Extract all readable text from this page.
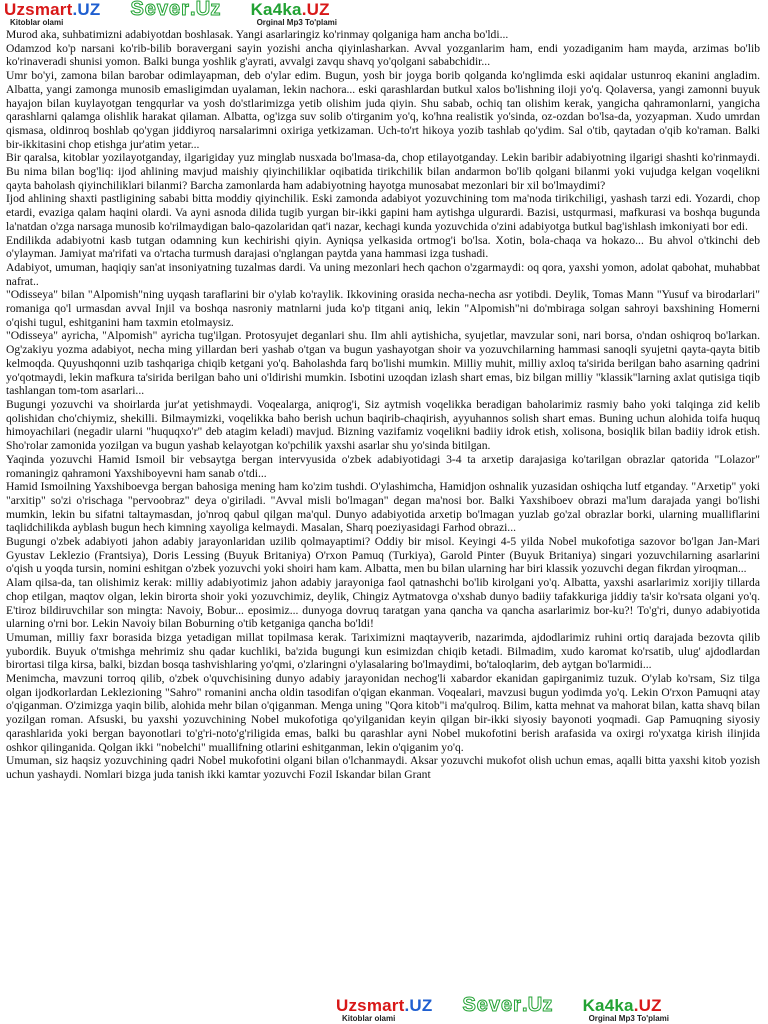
Uzsmart.UZ
Kitoblar olami
Sever.Uz Ka4ka.UZ
Orginal Mp3 To'plami

Murod aka, suhbatimizni adabiyotdan boshlasak. Yangi asarlaringiz ko'rinmay qolganiga ham ancha bo'ldi...

Odamzod ko'p narsani ko'rib-bilib boravergani sayin yozishi ancha qiyinlasharkan. Avval yozganlarim ham, endi yozadiganim ham mayda, arzimas bo'lib ko'rinaveradi shunisi yomon. Balki bunga yoshlik g'ayrati, avvalgi zavqu shavq yo'qolgani sababchidir...

Umr bo'yi, zamona bilan barobar odimlayapman, deb o'ylar edim. Bugun, yosh bir joyga borib qolganda ko'nglimda eski aqidalar ustunroq ekanini angladim. Albatta, yangi zamonga munosib emasligimdan uyalaman, lekin nachora... eski qarashlardan butkul xalos bo'lishning iloji yo'q. Qolaversa, yangi zamonni buyuk hayajon bilan kuylayotgan tengqurlar va yosh do'stlarimizga yetib olishim juda qiyin. Shu sabab, ochiq tan olishim kerak, yangicha qahramonlarni, yangicha qarashlarni qalamga olishlik harakat qilaman. Albatta, og'izga suv solib o'tirganim yo'q, ko'hna realistik yo'sinda, oz-ozdan bo'lsa-da, yozyapman. Xudo umrdan qismasa, oldinroq boshlab qo'ygan jiddiyroq narsalarimni oxiriga yetkizaman. Uch-to'rt hikoya yozib tashlab qo'ydim. Sal o'tib, qaytadan o'qib ko'raman. Balki bir-ikkitasini chop etishga jur'atim yetar...

Bir qaralsa, kitoblar yozilayotganday, ilgarigiday yuz minglab nusxada bo'lmasa-da, chop etilayotganday. Lekin baribir adabiyotning ilgarigi shashti ko'rinmaydi. Bu nima bilan bog'liq: ijod ahlining mavjud maishiy qiyinchiliklar oqibatida tirikchilik bilan andarmon bo'lib qolgani bilanmi yoki vujudga kelgan voqelikni qayta baholash qiyinchiliklari bilanmi? Barcha zamonlarda ham adabiyotning hayotga munosabat mezonlari bir xil bo'lmaydimi?

Ijod ahlining shaxti pastligining sababi bitta moddiy qiyinchilik. Eski zamonda adabiyot yozuvchining tom ma'noda tirikchiligi, yashash tarzi edi. Yozardi, chop etardi, evaziga qalam haqini olardi. Va ayni asnoda dilida tugib yurgan bir-ikki gapini ham aytishga ulgurardi. Bazisi, ustqurmasi, mafkurasi va boshqa bugunda la'natdan o'zga narsaga munosib ko'rilmaydigan balo-qazolaridan qat'i nazar, kechagi kunda yozuvchida o'zini adabiyotga butkul bag'ishlash imkoniyati bor edi.

Endilikda adabiyotni kasb tutgan odamning kun kechirishi qiyin. Ayniqsa yelkasida ortmog'i bo'lsa. Xotin, bola-chaqa va hokazo... Bu ahvol o'tkinchi deb o'ylayman. Jamiyat ma'rifati va o'rtacha turmush darajasi o'nglangan paytda yana hammasi izga tushadi.

Adabiyot, umuman, haqiqiy san'at insoniyatning tuzalmas dardi. Va uning mezonlari hech qachon o'zgarmaydi: oq qora, yaxshi yomon, adolat qabohat, muhabbat nafrat..

"Odisseya" bilan "Alpomish"ning uyqash taraflarini bir o'ylab ko'raylik. Ikkovining orasida necha-necha asr yotibdi. Deylik, Tomas Mann "Yusuf va birodarlari" romaniga qo'l urmasdan avval Injil va boshqa nasroniy matnlarni juda ko'p titgani aniq, lekin "Alpomish"ni do'mbiraga solgan sahroyi baxshining Homerni o'qishi tugul, eshitganini ham taxmin etolmaysiz.

"Odisseya" ayricha, "Alpomish" ayricha tug'ilgan. Protosyujet deganlari shu. Ilm ahli aytishicha, syujetlar, mavzular soni, nari borsa, o'ndan oshiqroq bo'larkan. Og'zakiyu yozma adabiyot, necha ming yillardan beri yashab o'tgan va bugun yashayotgan shoir va yozuvchilarning hammasi sanoqli syujetni qayta-qayta bitib kelmoqda. Quyushqonni uzib tashqariga chiqib ketgani yo'q. Baholashda farq bo'lishi mumkin. Milliy muhit, milliy axloq ta'sirida berilgan baho asarning qadrini yo'qotmaydi, lekin mafkura ta'sirida berilgan baho uni o'ldirishi mumkin. Isbotini uzoqdan izlash shart emas, biz bilgan milliy "klassik"larning axlat qutisiga tiqib tashlangan tom-tom asarlari...

Bugungi yozuvchi va shoirlarda jur'at yetishmaydi. Voqealarga, aniqrog'i, Siz aytmish voqelikka beradigan baholarimiz rasmiy baho yoki talqinga zid kelib qolishidan cho'chiymiz, shekilli. Bilmaymizki, voqelikka baho berish uchun baqirib-chaqirish, ayyuhannos solish shart emas. Buning uchun alohida toifa huquq himoyachilari (negadir ularni "huquqxo'r" deb atagim keladi) mavjud. Bizning vazifamiz voqelikni badiiy idrok etish, xolisona, bosiqlik bilan badiiy idrok etish. Sho'rolar zamonida yozilgan va bugun yashab kelayotgan ko'pchilik yaxshi asarlar shu yo'sinda bitilgan.

Yaqinda yozuvchi Hamid Ismoil bir vebsaytga bergan intervyusida o'zbek adabiyotidagi 3-4 ta arxetip darajasiga ko'tarilgan obrazlar qatorida "Lolazor" romaningiz qahramoni Yaxshiboyevni ham sanab o'tdi...

Hamid Ismoilning Yaxshiboevga bergan bahosiga mening ham ko'zim tushdi. O'ylashimcha, Hamidjon oshnalik yuzasidan oshiqcha lutf etganday. "Arxetip" yoki "arxitip" so'zi o'rischaga "pervoobraz" deya o'giriladi. "Avval misli bo'lmagan" degan ma'nosi bor. Balki Yaxshiboev obrazi ma'lum darajada yangi bo'lishi mumkin, lekin bu sifatni taltaymasdan, jo'nroq qabul qilgan ma'qul. Dunyo adabiyotida arxetip bo'lmagan yuzlab go'zal obrazlar borki, ularning mualliflarini taqlidchilikda ayblash bugun hech kimning xayoliga kelmaydi. Masalan, Sharq poeziyasidagi Farhod obrazi...

Bugungi o'zbek adabiyoti jahon adabiy jarayonlaridan uzilib qolmayaptimi? Oddiy bir misol. Keyingi 4-5 yilda Nobel mukofotiga sazovor bo'lgan Jan-Mari Gyustav Leklezio (Frantsiya), Doris Lessing (Buyuk Britaniya) O'rxon Pamuq (Turkiya), Garold Pinter (Buyuk Britaniya) singari yozuvchilarning asarlarini o'qish u yoqda tursin, nomini eshitgan o'zbek yozuvchi yoki shoiri ham kam. Albatta, men bu bilan ularning har biri klassik yozuvchi degan fikrdan yiroqman...

Alam qilsa-da, tan olishimiz kerak: milliy adabiyotimiz jahon adabiy jarayoniga faol qatnashchi bo'lib kirolgani yo'q. Albatta, yaxshi asarlarimiz xorijiy tillarda chop etilgan, maqtov olgan, lekin birorta shoir yoki yozuvchimiz, deylik, Chingiz Aytmatovga o'xshab dunyo badiiy tafakkuriga jiddiy ta'sir ko'rsata olgani yo'q. E'tiroz bildiruvchilar son mingta: Navoiy, Bobur... eposimiz... dunyoga dovruq taratgan yana qancha va qancha asarlarimiz bor-ku?! To'g'ri, dunyo adabiyotida ularning o'rni bor. Lekin Navoiy bilan Boburning o'tib ketganiga qancha bo'ldi!

Umuman, milliy faxr borasida bizga yetadigan millat topilmasa kerak. Tariximizni maqtayverib, nazarimda, ajdodlarimiz ruhini ortiq darajada bezovta qilib yubordik. Buyuk o'tmishga mehrimiz shu qadar kuchliki, ba'zida bugungi kun esimizdan chiqib ketadi. Bilmadim, xudo karomat ko'rsatib, ulug' ajdodlardan birortasi tilga kirsa, balki, bizdan bosqa tashvishlaring yo'qmi, o'zlaringni o'ylasalaring bo'lmaydimi, bo'taloqlarim, deb aytgan bo'larmidi...

Menimcha, mavzuni torroq qilib, o'zbek o'quvchisining dunyo adabiy jarayonidan nechog'li xabardor ekanidan gapirganimiz tuzuk. O'ylab ko'rsam, Siz tilga olgan ijodkorlardan Leklezioning "Sahro" romanini ancha oldin tasodifan o'qigan ekanman. Voqealari, mavzusi bugun yodimda yo'q. Lekin O'rxon Pamuqni atay o'qiganman. O'zimizga yaqin bilib, alohida mehr bilan o'qiganman. Menga uning "Qora kitob"i ma'qulroq. Bilim, katta mehnat va mahorat bilan, katta shavq bilan yozilgan roman. Afsuski, bu yaxshi yozuvchining Nobel mukofotiga qo'yilganidan keyin qilgan bir-ikki siyosiy bayonoti yoqmadi. Gap Pamuqning siyosiy qarashlarida yoki bergan bayonotlari to'g'ri-noto'g'riligida emas, balki bu qarashlar ayni Nobel mukofotini berish arafasida va oxirgi ro'yxatga kirish ilinjida oshkor qilinganida. Qolgan ikki "nobelchi" muallifning otlarini eshitganman, lekin o'qiganim yo'q.

Umuman, siz haqsiz yozuvchining qadri Nobel mukofotini olgani bilan o'lchanmaydi. Aksar yozuvchi mukofot olish uchun emas, aqalli bitta yaxshi kitob yozish uchun yashaydi. Nomlari bizga juda tanish ikki kamtar yozuvchi Fozil Iskandar bilan Grant

Uzsmart.UZ
Kitoblar olami
Sever.Uz Ka4ka.UZ
Orginal Mp3 To'plami
